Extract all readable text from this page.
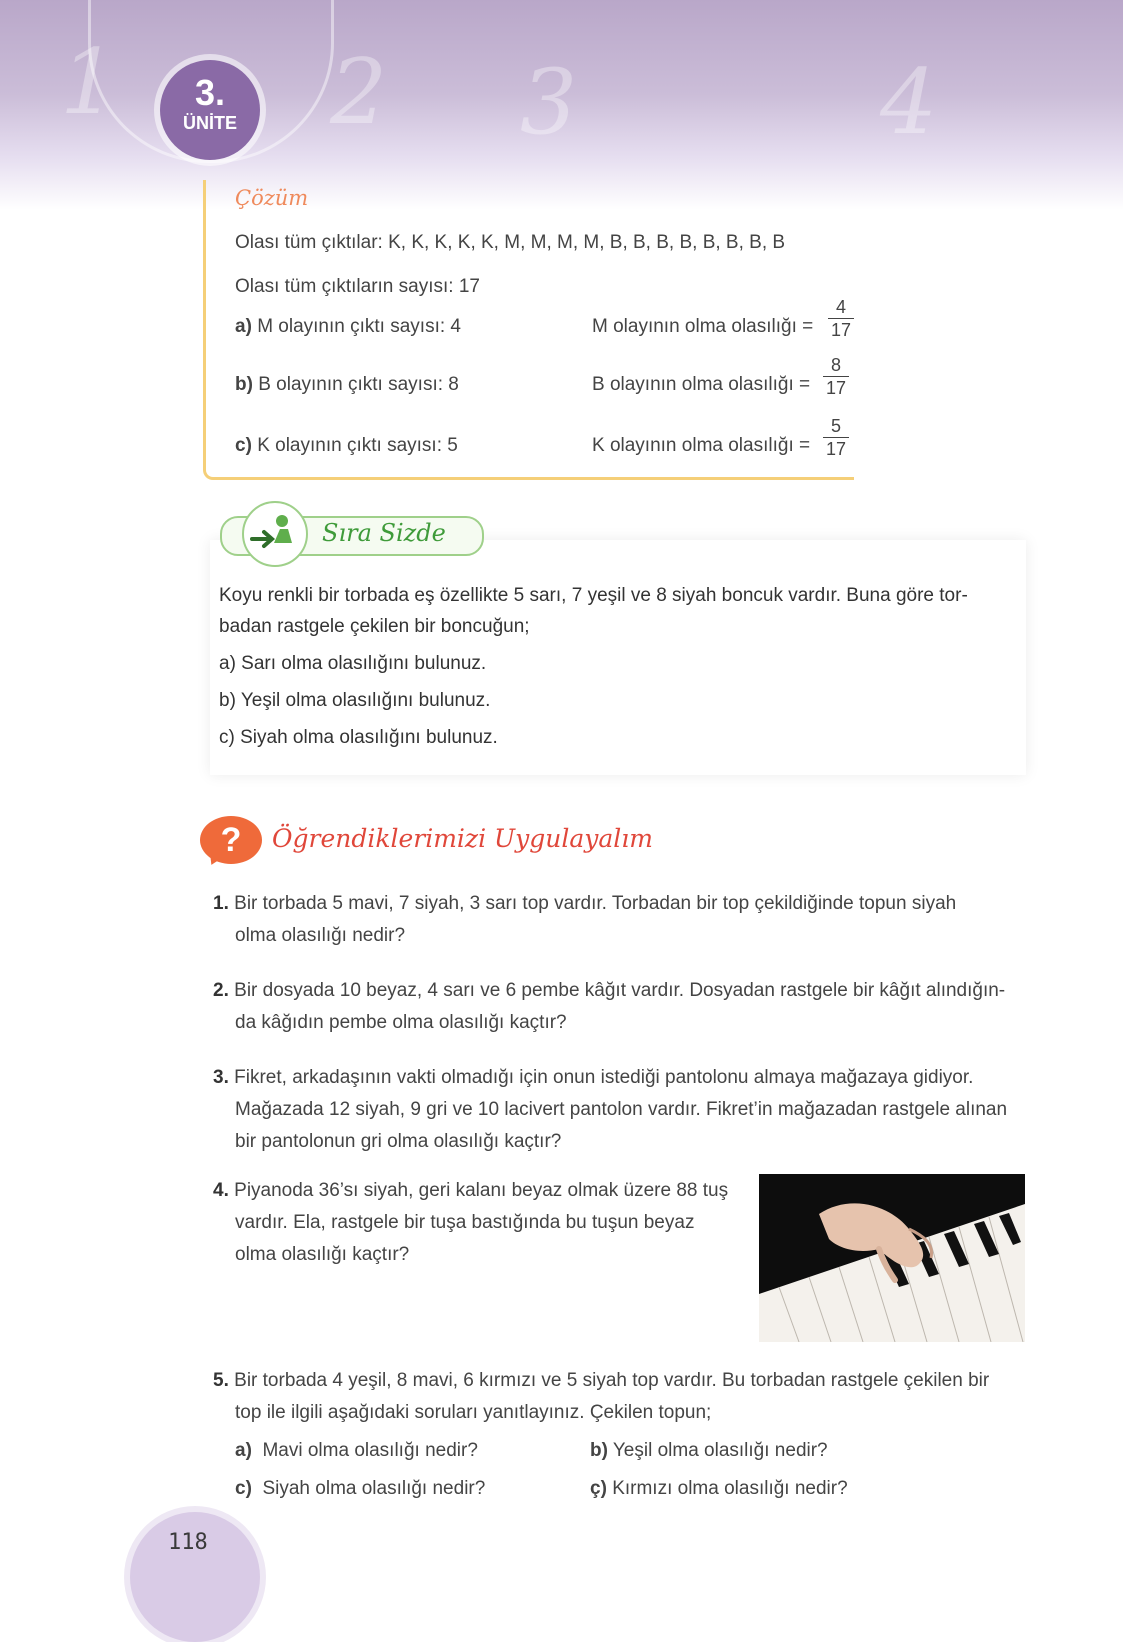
1 2 3	4
3.
ÜNİTE
Çözüm
Olası tüm çıktılar: K, K, K, K, K, M, M, M, M, B, B, B, B, B, B, B, B
Olası tüm çıktıların sayısı: 17
a) M olayının çıktı sayısı: 4	M olayının olma olasılığı =
4
17
b) B olayının çıktı sayısı: 8	B olayının olma olasılığı =
8
17
c) K olayının çıktı sayısı: 5	K olayının olma olasılığı =
5
17
Sıra Sizde
Koyu renkli bir torbada eş özellikte 5 sarı, 7 yeşil ve 8 siyah boncuk vardır. Buna göre tor-
badan rastgele çekilen bir boncuğun;
a) Sarı olma olasılığını bulunuz.
b) Yeşil olma olasılığını bulunuz.
c) Siyah olma olasılığını bulunuz.
?	Öğrendiklerimizi Uygulayalım
1. Bir torbada 5 mavi, 7 siyah, 3 sarı top vardır. Torbadan bir top çekildiğinde topun siyah
olma olasılığı nedir?
2. Bir dosyada 10 beyaz, 4 sarı ve 6 pembe kâğıt vardır. Dosyadan rastgele bir kâğıt alındığın-
da kâğıdın pembe olma olasılığı kaçtır?
3. Fikret, arkadaşının vakti olmadığı için onun istediği pantolonu almaya mağazaya gidiyor.
Mağazada 12 siyah, 9 gri ve 10 lacivert pantolon vardır. Fikret’in mağazadan rastgele alınan
bir pantolonun gri olma olasılığı kaçtır?
4. Piyanoda 36’sı siyah, geri kalanı beyaz olmak üzere 88 tuş
vardır. Ela, rastgele bir tuşa bastığında bu tuşun beyaz
olma olasılığı kaçtır?
5. Bir torbada 4 yeşil, 8 mavi, 6 kırmızı ve 5 siyah top vardır. Bu torbadan rastgele çekilen bir
top ile ilgili aşağıdaki soruları yanıtlayınız. Çekilen topun;
a) Mavi olma olasılığı nedir?	b) Yeşil olma olasılığı nedir?
c) Siyah olma olasılığı nedir?	ç) Kırmızı olma olasılığı nedir?
118
